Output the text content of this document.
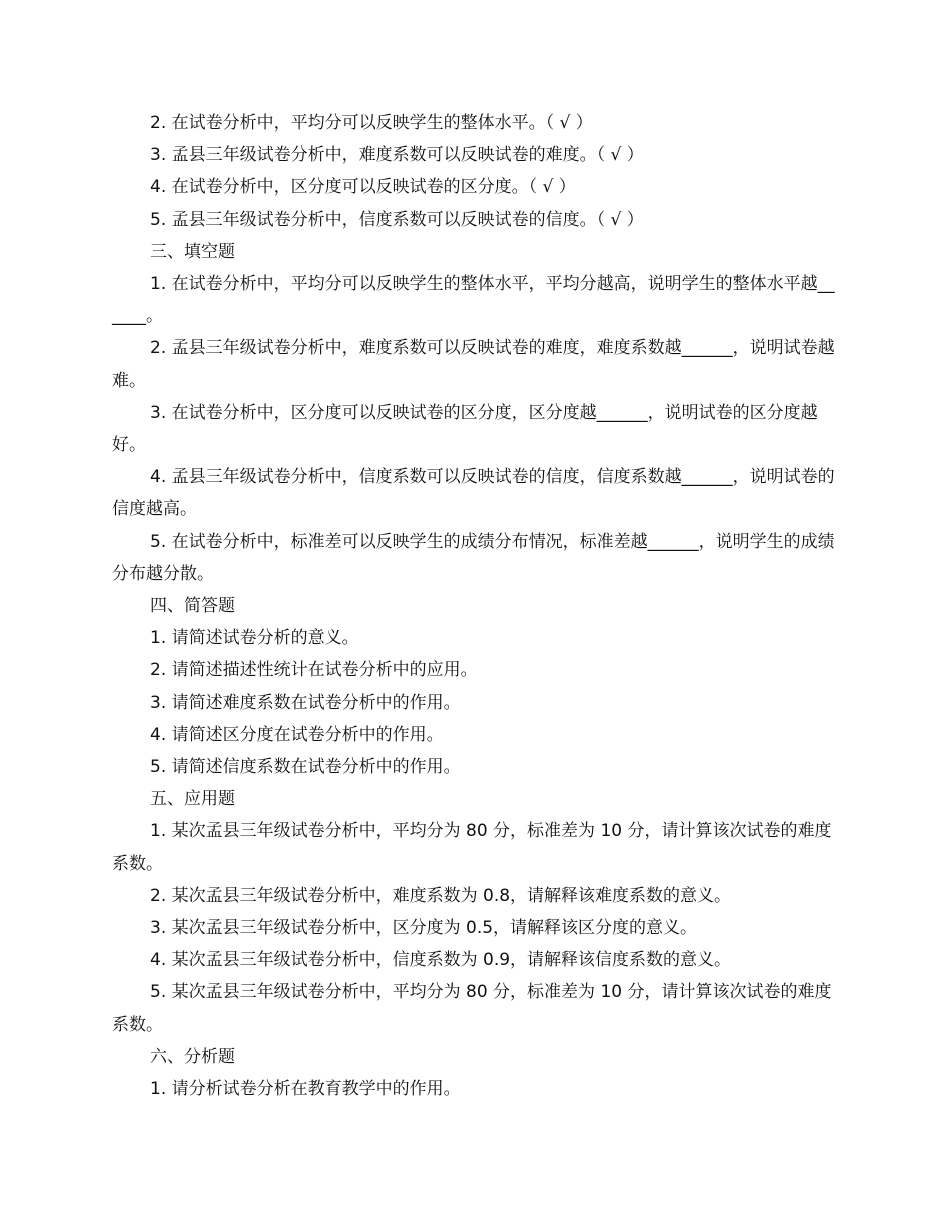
2. 在试卷分析中，平均分可以反映学生的整体水平。（ √ ）

3. 孟县三年级试卷分析中，难度系数可以反映试卷的难度。（ √ ）

4. 在试卷分析中，区分度可以反映试卷的区分度。（ √ ）

5. 孟县三年级试卷分析中，信度系数可以反映试卷的信度。（ √ ）

三、填空题

1. 在试卷分析中，平均分可以反映学生的整体水平，平均分越高，说明学生的整体水平越______。

2. 孟县三年级试卷分析中，难度系数可以反映试卷的难度，难度系数越______，说明试卷越难。

3. 在试卷分析中，区分度可以反映试卷的区分度，区分度越______，说明试卷的区分度越好。

4. 孟县三年级试卷分析中，信度系数可以反映试卷的信度，信度系数越______，说明试卷的信度越高。

5. 在试卷分析中，标准差可以反映学生的成绩分布情况，标准差越______，说明学生的成绩分布越分散。

四、简答题

1. 请简述试卷分析的意义。

2. 请简述描述性统计在试卷分析中的应用。

3. 请简述难度系数在试卷分析中的作用。

4. 请简述区分度在试卷分析中的作用。

5. 请简述信度系数在试卷分析中的作用。

五、应用题

1. 某次孟县三年级试卷分析中，平均分为 80 分，标准差为 10 分，请计算该次试卷的难度系数。

2. 某次孟县三年级试卷分析中，难度系数为 0.8，请解释该难度系数的意义。

3. 某次孟县三年级试卷分析中，区分度为 0.5，请解释该区分度的意义。

4. 某次孟县三年级试卷分析中，信度系数为 0.9，请解释该信度系数的意义。

5. 某次孟县三年级试卷分析中，平均分为 80 分，标准差为 10 分，请计算该次试卷的难度系数。

六、分析题

1. 请分析试卷分析在教育教学中的作用。
